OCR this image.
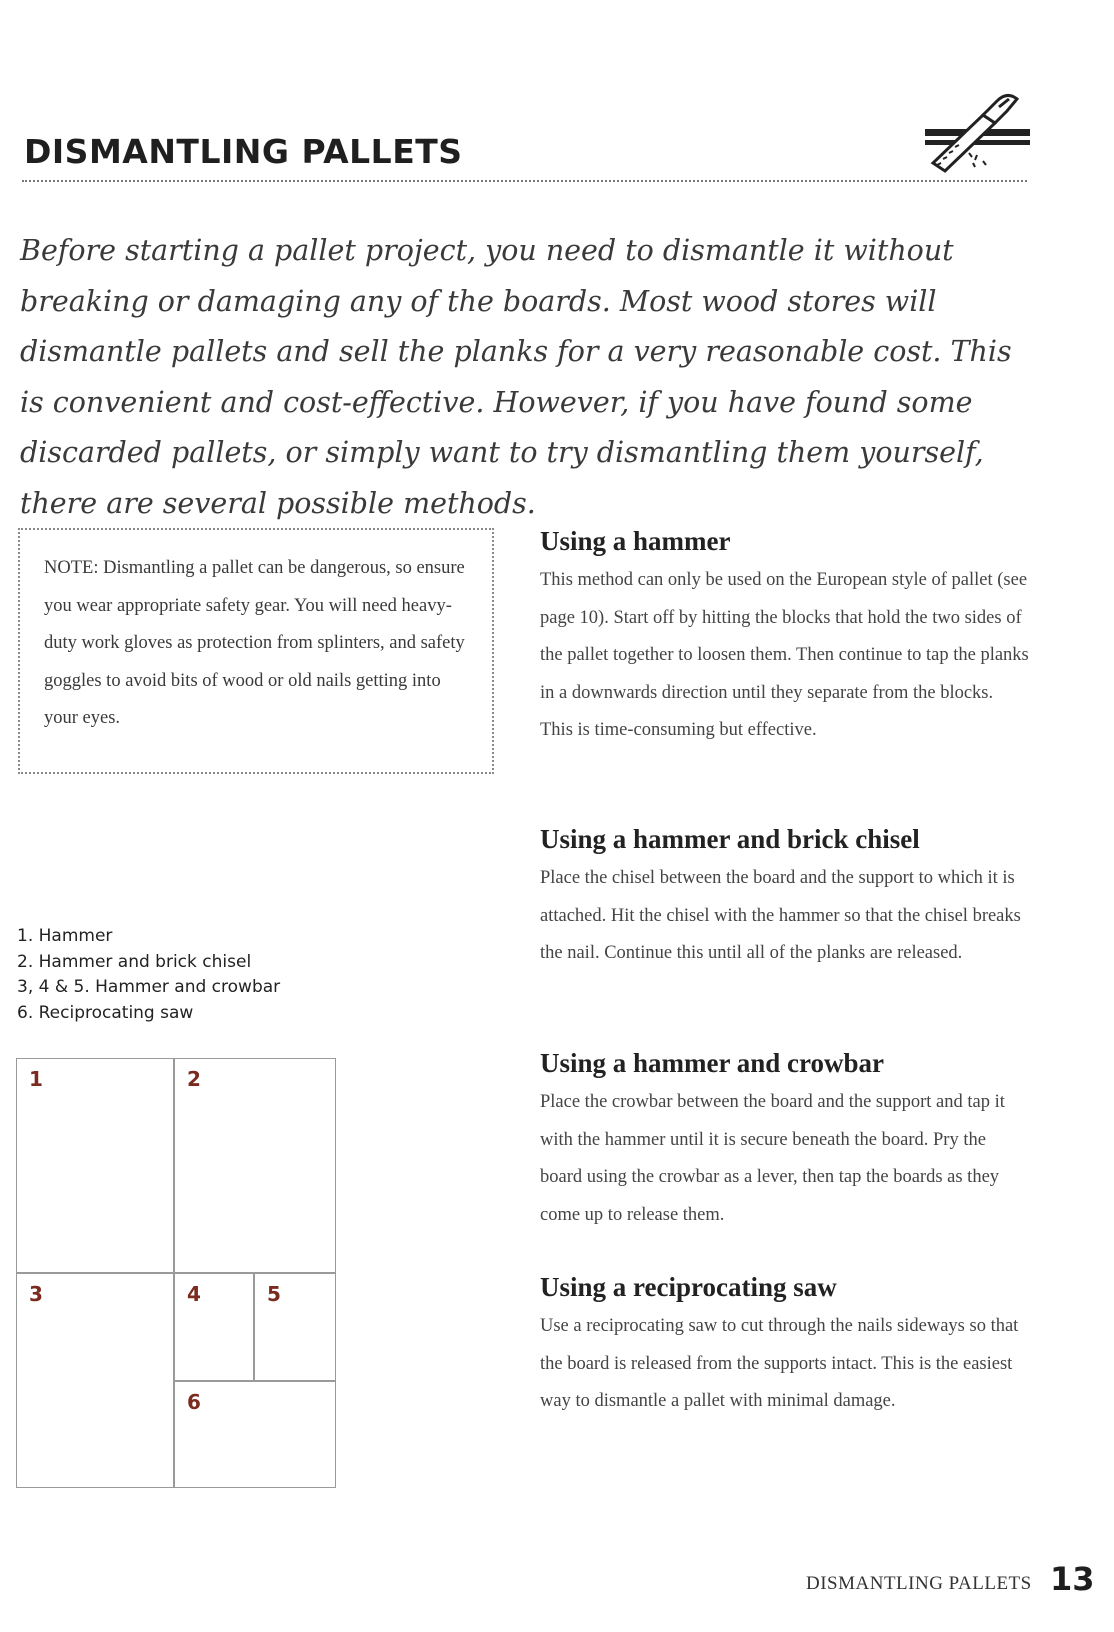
DISMANTLING PALLETS

Before starting a pallet project, you need to dismantle it without breaking or damaging any of the boards. Most wood stores will dismantle pallets and sell the planks for a very reasonable cost. This is convenient and cost-effective. However, if you have found some discarded pallets, or simply want to try dismantling them yourself, there are several possible methods.

NOTE: Dismantling a pallet can be dangerous, so ensure you wear appropriate safety gear. You will need heavy-duty work gloves as protection from splinters, and safety goggles to avoid bits of wood or old nails getting into your eyes.

1. Hammer
2. Hammer and brick chisel
3, 4 & 5. Hammer and crowbar
6. Reciprocating saw
1	2
3	4	5
6
Using a hammer

This method can only be used on the European style of pallet (see page 10). Start off by hitting the blocks that hold the two sides of the pallet together to loosen them. Then continue to tap the planks in a downwards direction until they separate from the blocks. This is time-consuming but effective.

Using a hammer and brick chisel

Place the chisel between the board and the support to which it is attached. Hit the chisel with the hammer so that the chisel breaks the nail. Continue this until all of the planks are released.

Using a hammer and crowbar

Place the crowbar between the board and the support and tap it with the hammer until it is secure beneath the board. Pry the board using the crowbar as a lever, then tap the boards as they come up to release them.

Using a reciprocating saw

Use a reciprocating saw to cut through the nails sideways so that the board is released from the supports intact. This is the easiest way to dismantle a pallet with minimal damage.

DISMANTLING PALLETS 13
